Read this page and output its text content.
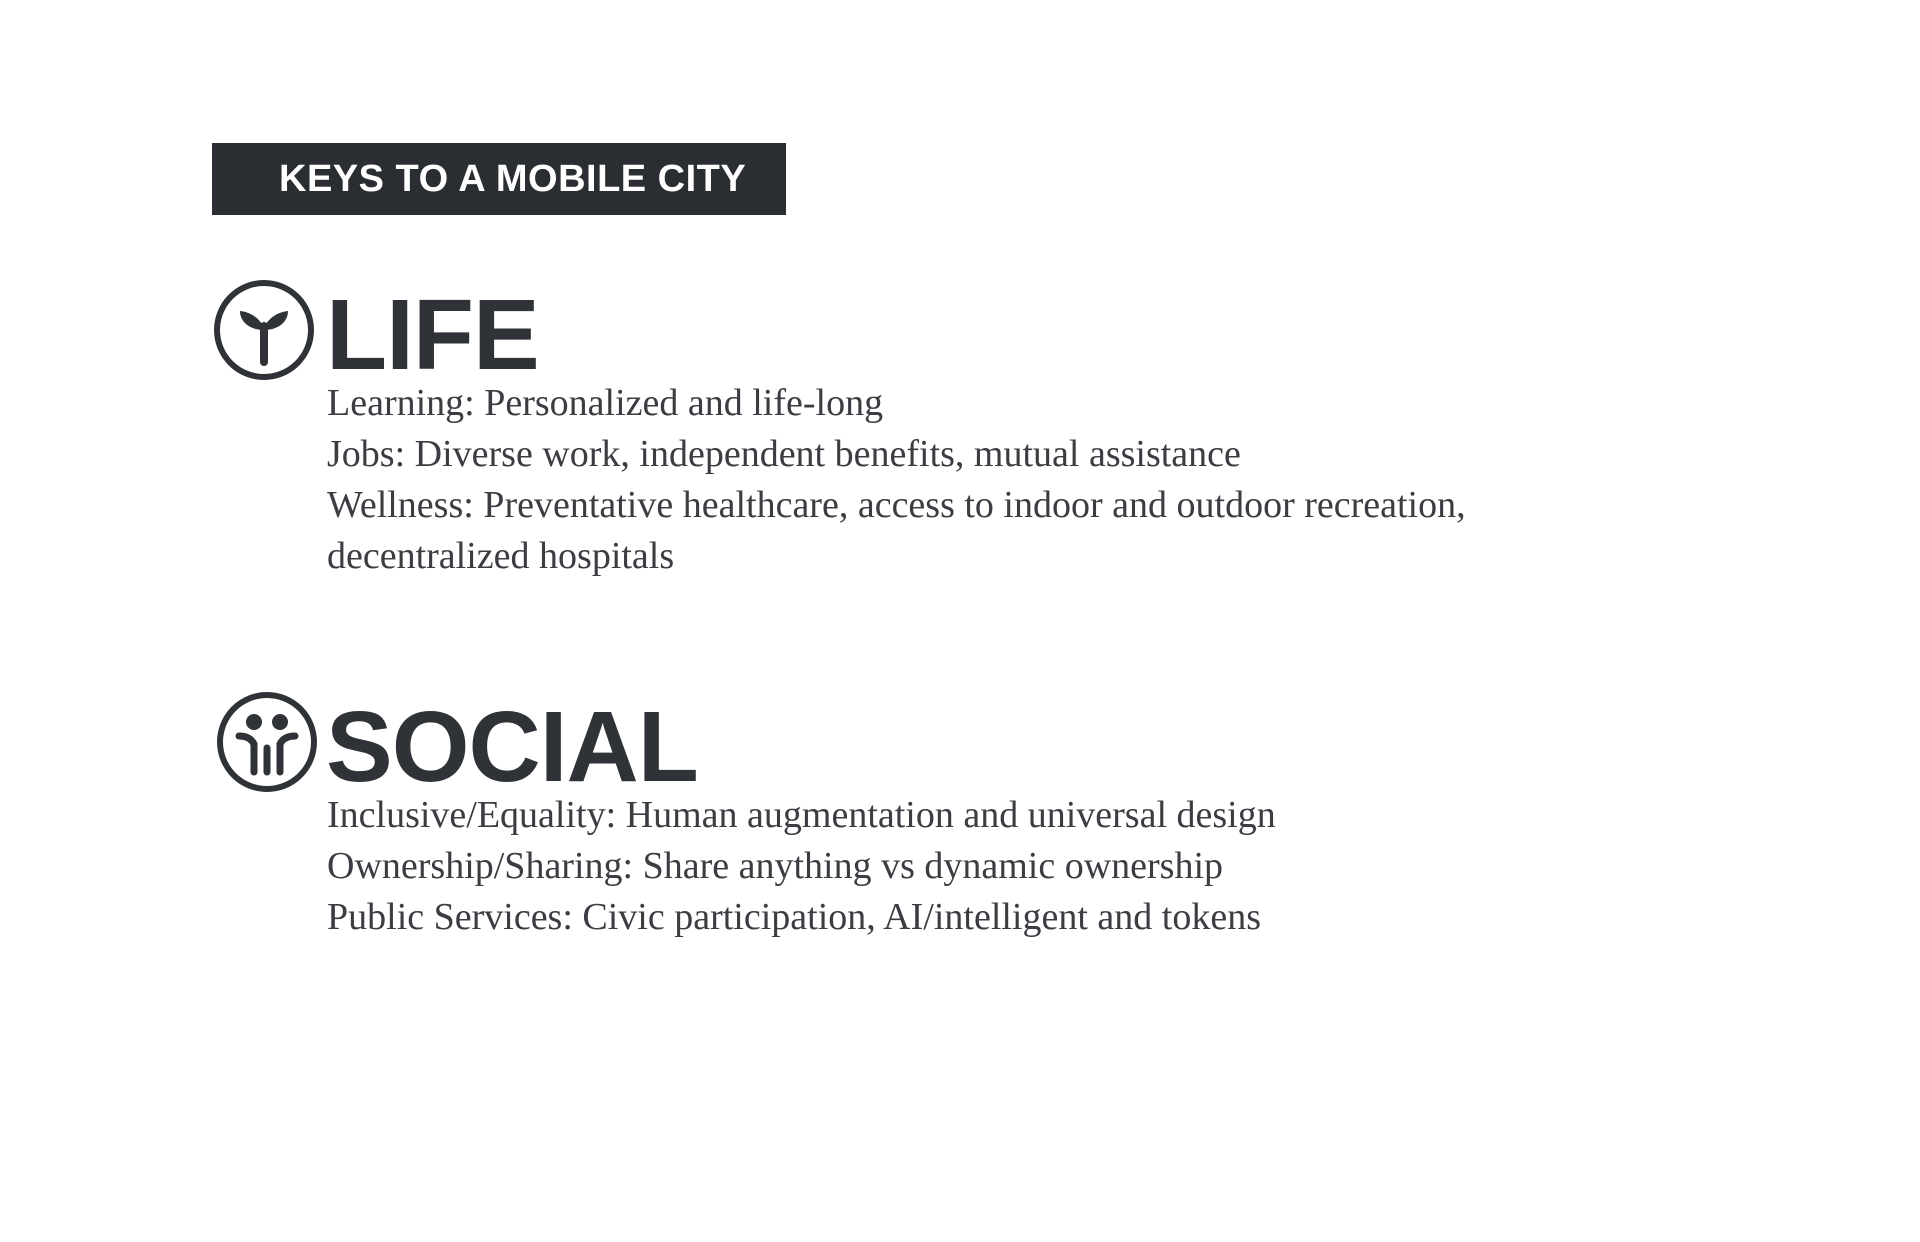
KEYS TO A MOBILE CITY
LIFE
Learning: Personalized and life-long
Jobs: Diverse work, independent benefits, mutual assistance
Wellness: Preventative healthcare, access to indoor and outdoor recreation,
decentralized hospitals
SOCIAL
Inclusive/Equality: Human augmentation and universal design
Ownership/Sharing: Share anything vs dynamic ownership
Public Services: Civic participation, AI/intelligent and tokens
